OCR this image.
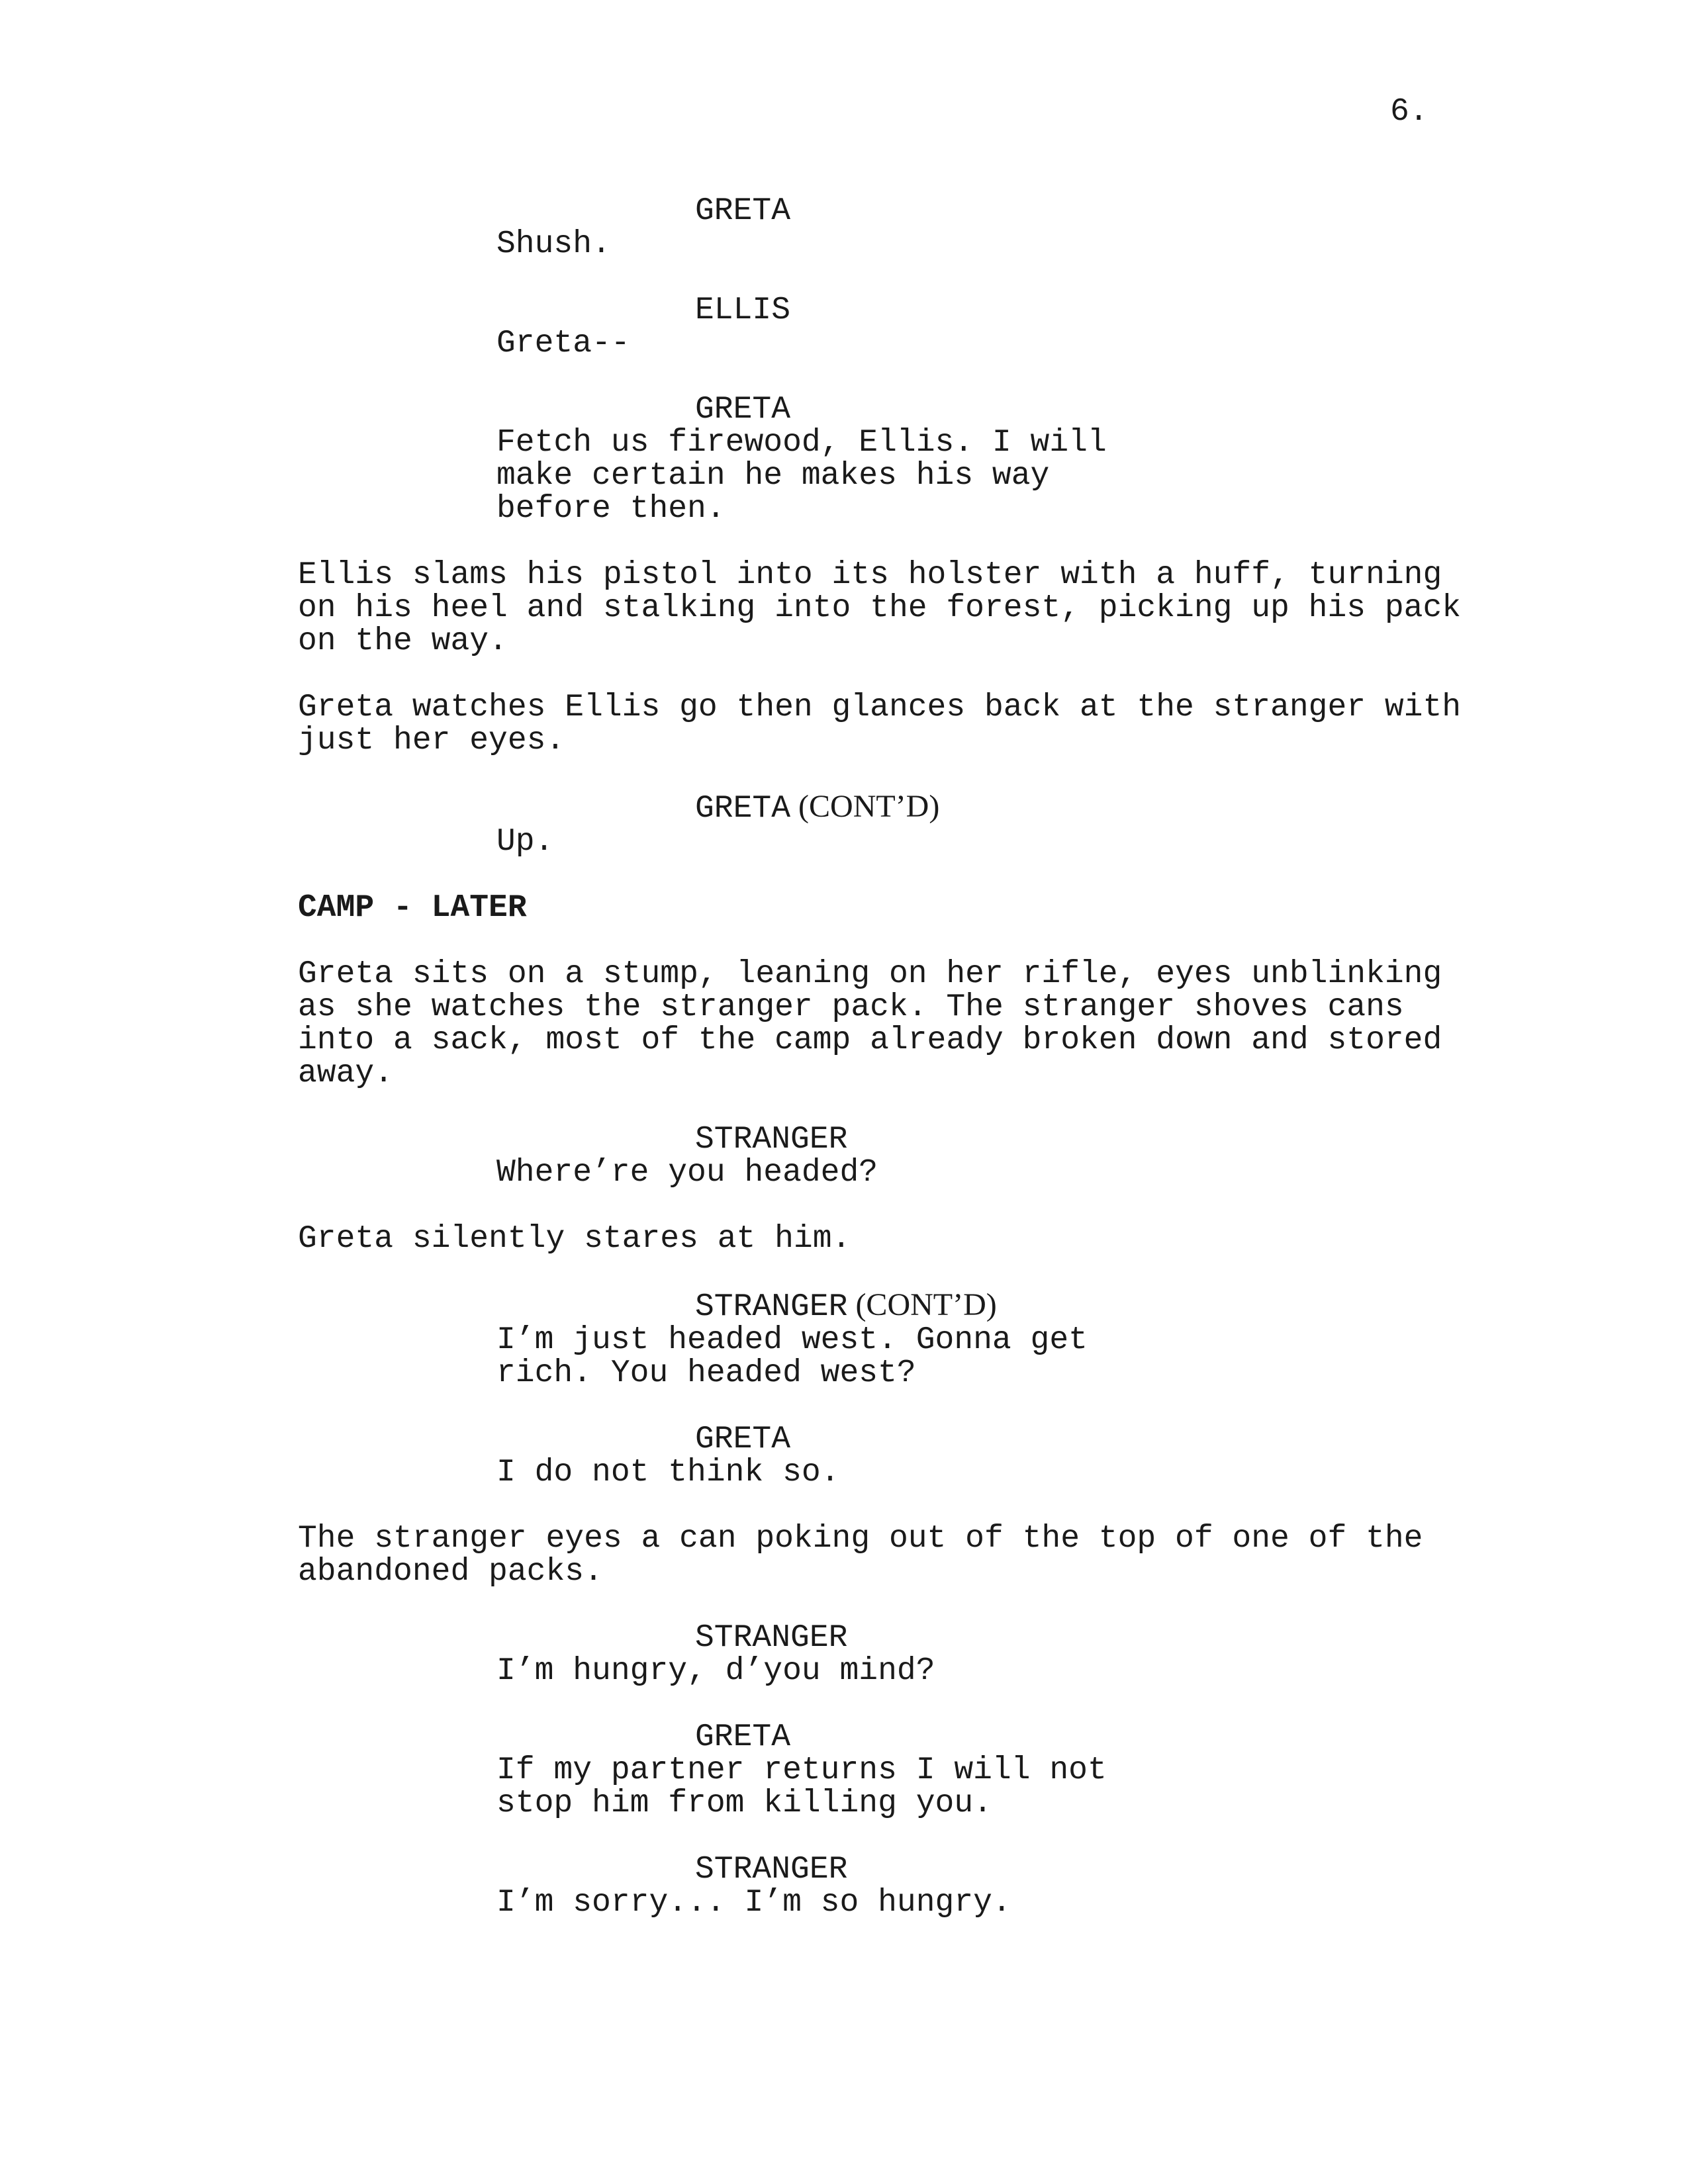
6.
GRETA
Shush.
ELLIS
Greta--
GRETA
Fetch us firewood, Ellis. I will
make certain he makes his way
before then.
Ellis slams his pistol into its holster with a huff, turning
on his heel and stalking into the forest, picking up his pack
on the way.
Greta watches Ellis go then glances back at the stranger with
just her eyes.
GRETA (CONT’D)
Up.
CAMP - LATER
Greta sits on a stump, leaning on her rifle, eyes unblinking
as she watches the stranger pack. The stranger shoves cans
into a sack, most of the camp already broken down and stored
away.
STRANGER
Where’re you headed?
Greta silently stares at him.
STRANGER (CONT’D)
I’m just headed west. Gonna get
rich. You headed west?
GRETA
I do not think so.
The stranger eyes a can poking out of the top of one of the
abandoned packs.
STRANGER
I’m hungry, d’you mind?
GRETA
If my partner returns I will not
stop him from killing you.
STRANGER
I’m sorry... I’m so hungry.
